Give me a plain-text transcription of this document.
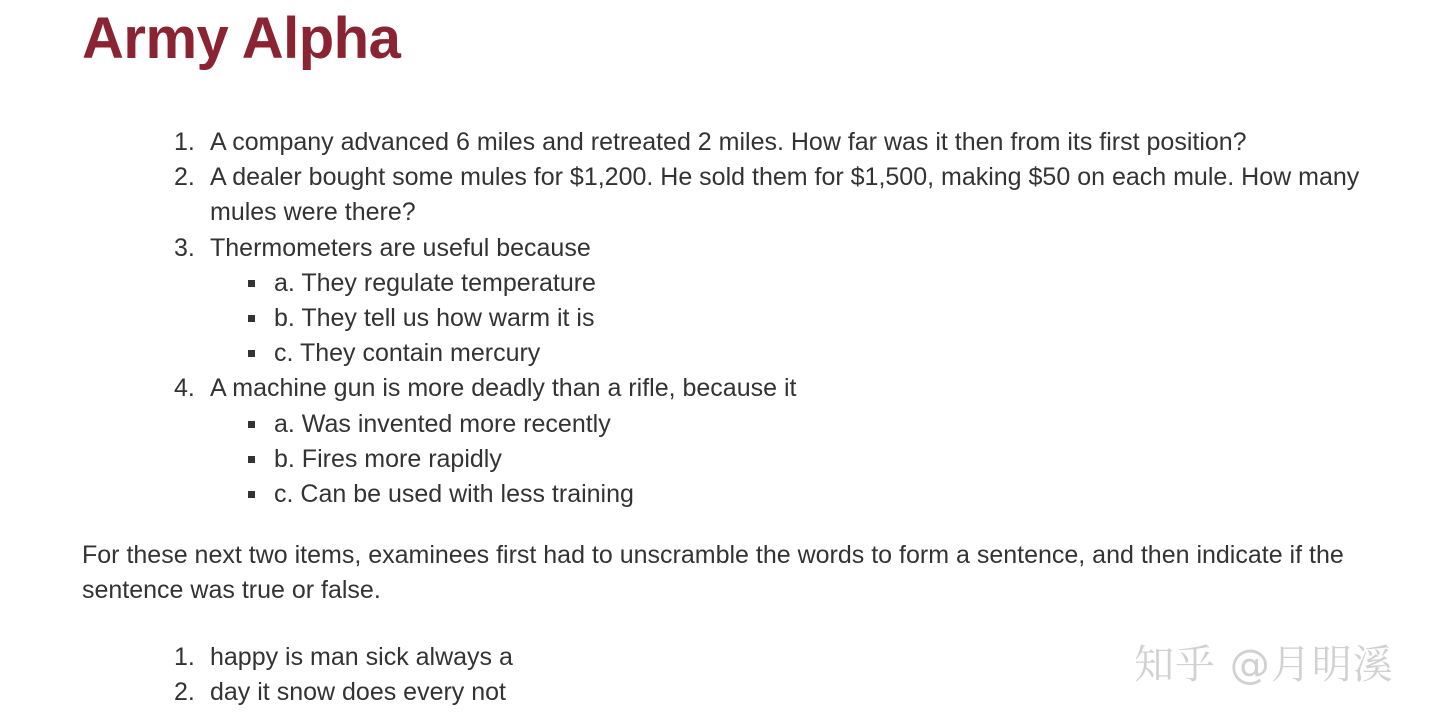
Army Alpha
1. A company advanced 6 miles and retreated 2 miles. How far was it then from its first position?
2. A dealer bought some mules for $1,200. He sold them for $1,500, making $50 on each mule. How many mules were there?
3. Thermometers are useful because
a. They regulate temperature
b. They tell us how warm it is
c. They contain mercury
4. A machine gun is more deadly than a rifle, because it
a. Was invented more recently
b. Fires more rapidly
c. Can be used with less training

For these next two items, examinees first had to unscramble the words to form a sentence, and then indicate if the sentence was true or false.

1. happy is man sick always a
2. day it snow does every not
知乎 @月明溪
